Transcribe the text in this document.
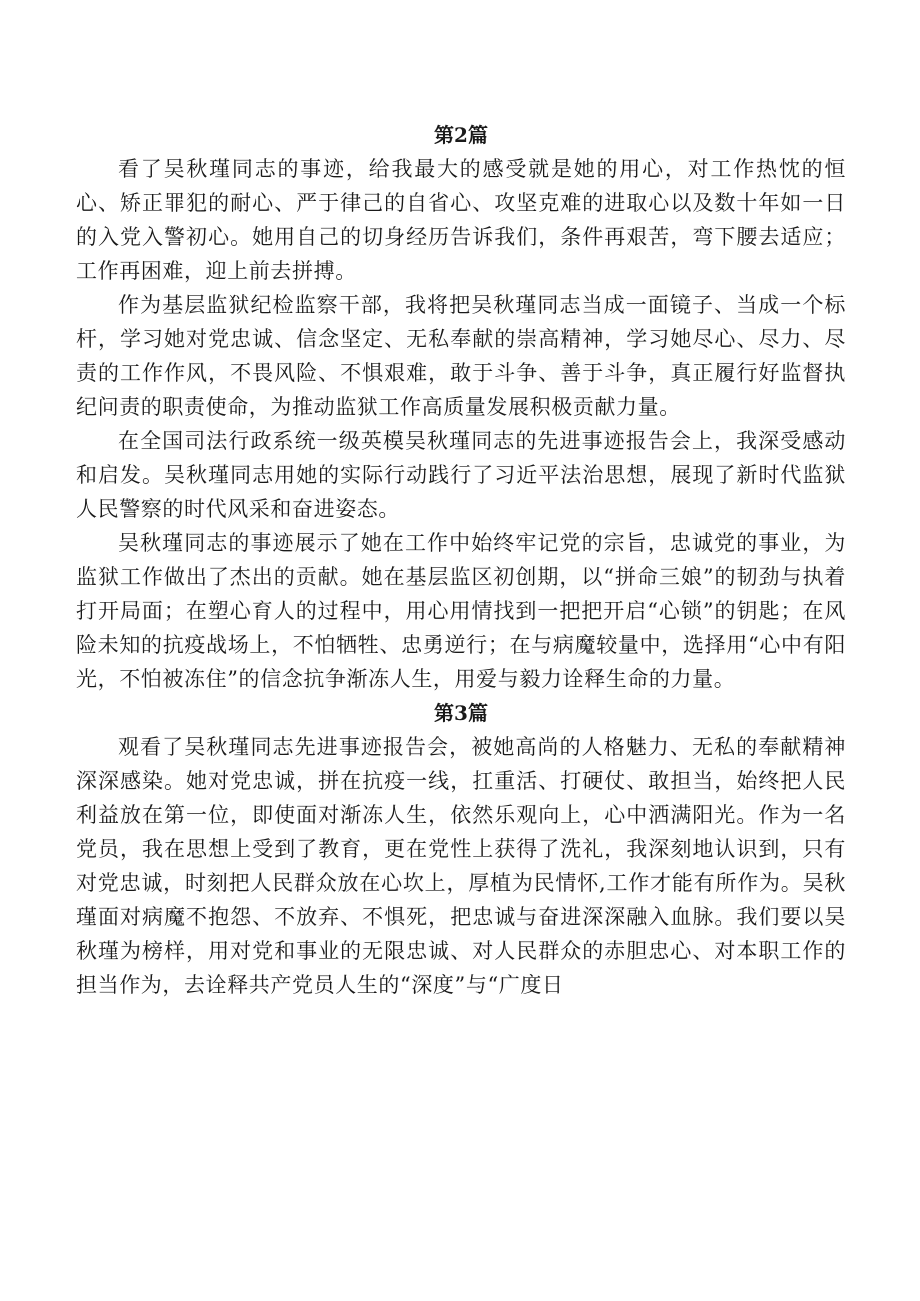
第2篇

看了吴秋瑾同志的事迹，给我最大的感受就是她的用心，对工作热忱的恒心、矫正罪犯的耐心、严于律己的自省心、攻坚克难的进取心以及数十年如一日的入党入警初心。她用自己的切身经历告诉我们，条件再艰苦，弯下腰去适应；工作再困难，迎上前去拼搏。

作为基层监狱纪检监察干部，我将把吴秋瑾同志当成一面镜子、当成一个标杆，学习她对党忠诚、信念坚定、无私奉献的崇高精神，学习她尽心、尽力、尽责的工作作风，不畏风险、不惧艰难，敢于斗争、善于斗争，真正履行好监督执纪问责的职责使命，为推动监狱工作高质量发展积极贡献力量。

在全国司法行政系统一级英模吴秋瑾同志的先进事迹报告会上，我深受感动和启发。吴秋瑾同志用她的实际行动践行了习近平法治思想，展现了新时代监狱人民警察的时代风采和奋进姿态。

吴秋瑾同志的事迹展示了她在工作中始终牢记党的宗旨，忠诚党的事业，为监狱工作做出了杰出的贡献。她在基层监区初创期，以“拼命三娘”的韧劲与执着打开局面；在塑心育人的过程中，用心用情找到一把把开启“心锁”的钥匙；在风险未知的抗疫战场上，不怕牺牲、忠勇逆行；在与病魔较量中，选择用“心中有阳光，不怕被冻住”的信念抗争渐冻人生，用爱与毅力诠释生命的力量。

第3篇

观看了吴秋瑾同志先进事迹报告会，被她高尚的人格魅力、无私的奉献精神深深感染。她对党忠诚，拼在抗疫一线，扛重活、打硬仗、敢担当，始终把人民利益放在第一位，即使面对渐冻人生，依然乐观向上，心中洒满阳光。作为一名党员，我在思想上受到了教育，更在党性上获得了洗礼，我深刻地认识到，只有对党忠诚，时刻把人民群众放在心坎上，厚植为民情怀,工作才能有所作为。吴秋瑾面对病魔不抱怨、不放弃、不惧死，把忠诚与奋进深深融入血脉。我们要以吴秋瑾为榜样，用对党和事业的无限忠诚、对人民群众的赤胆忠心、对本职工作的担当作为，去诠释共产党员人生的“深度”与“广度日
